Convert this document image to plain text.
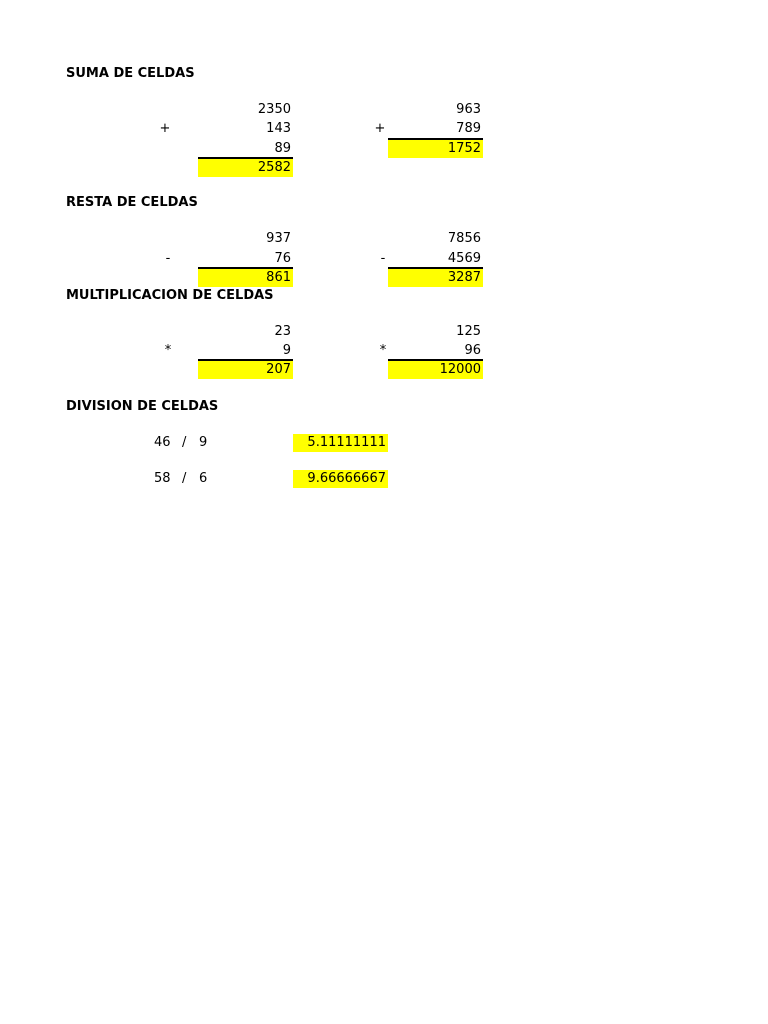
SUMA DE CELDAS
2350
+	143
89
2582
963
+	789
1752
RESTA DE CELDAS
937
-	76
861
7856
-	4569
3287
MULTIPLICACION DE CELDAS
23
*	9
207
125
*	96
12000
DIVISION DE CELDAS
46 / 9	5.11111111
58 / 6	9.66666667
